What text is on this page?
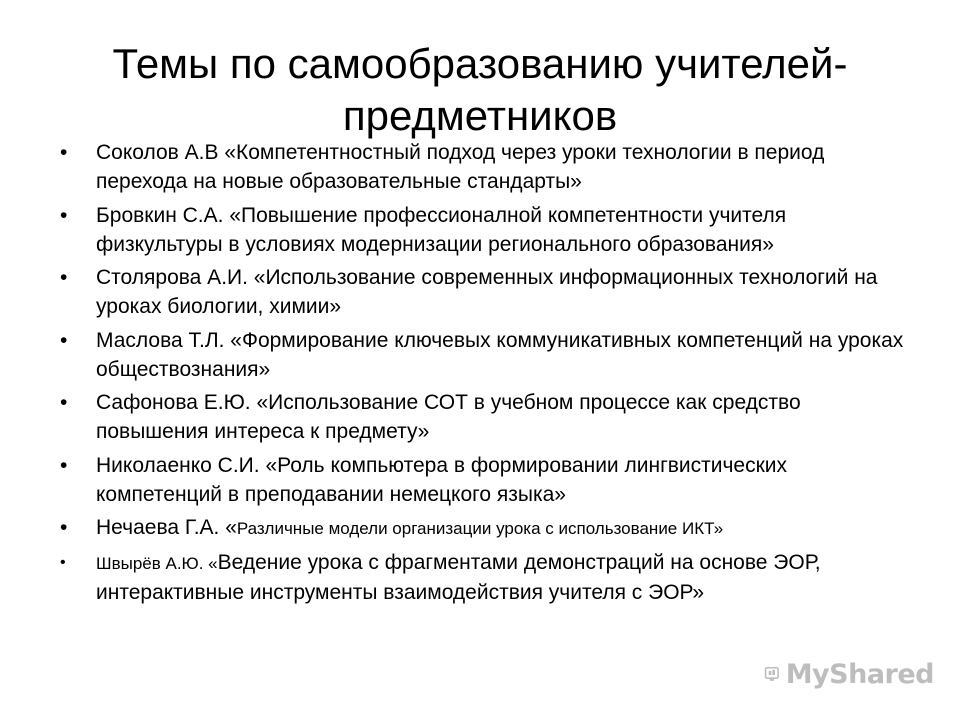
Темы по самообразованию учителей-
предметников
•	Соколов А.В «Компетентностный подход через уроки технологии в период перехода на новые образовательные стандарты»
•	Бровкин С.А. «Повышение профессионалной компетентности учителя физкультуры в условиях модернизации регионального образования»
•	Столярова А.И. «Использование современных информационных технологий на уроках биологии, химии»
•	Маслова Т.Л. «Формирование ключевых коммуникативных компетенций на уроках обществознания»
•	Сафонова Е.Ю. «Использование СОТ в учебном процессе как средство повышения интереса к предмету»
•	Николаенко С.И. «Роль компьютера в формировании лингвистических компетенций в преподавании немецкого языка»
•	Нечаева Г.А. «Различные модели организации урока с использование ИКТ»
•	Швырёв А.Ю. «Ведение урока с фрагментами демонстраций на основе ЭОР, интерактивные инструменты взаимодействия учителя с ЭОР»
MyShared
